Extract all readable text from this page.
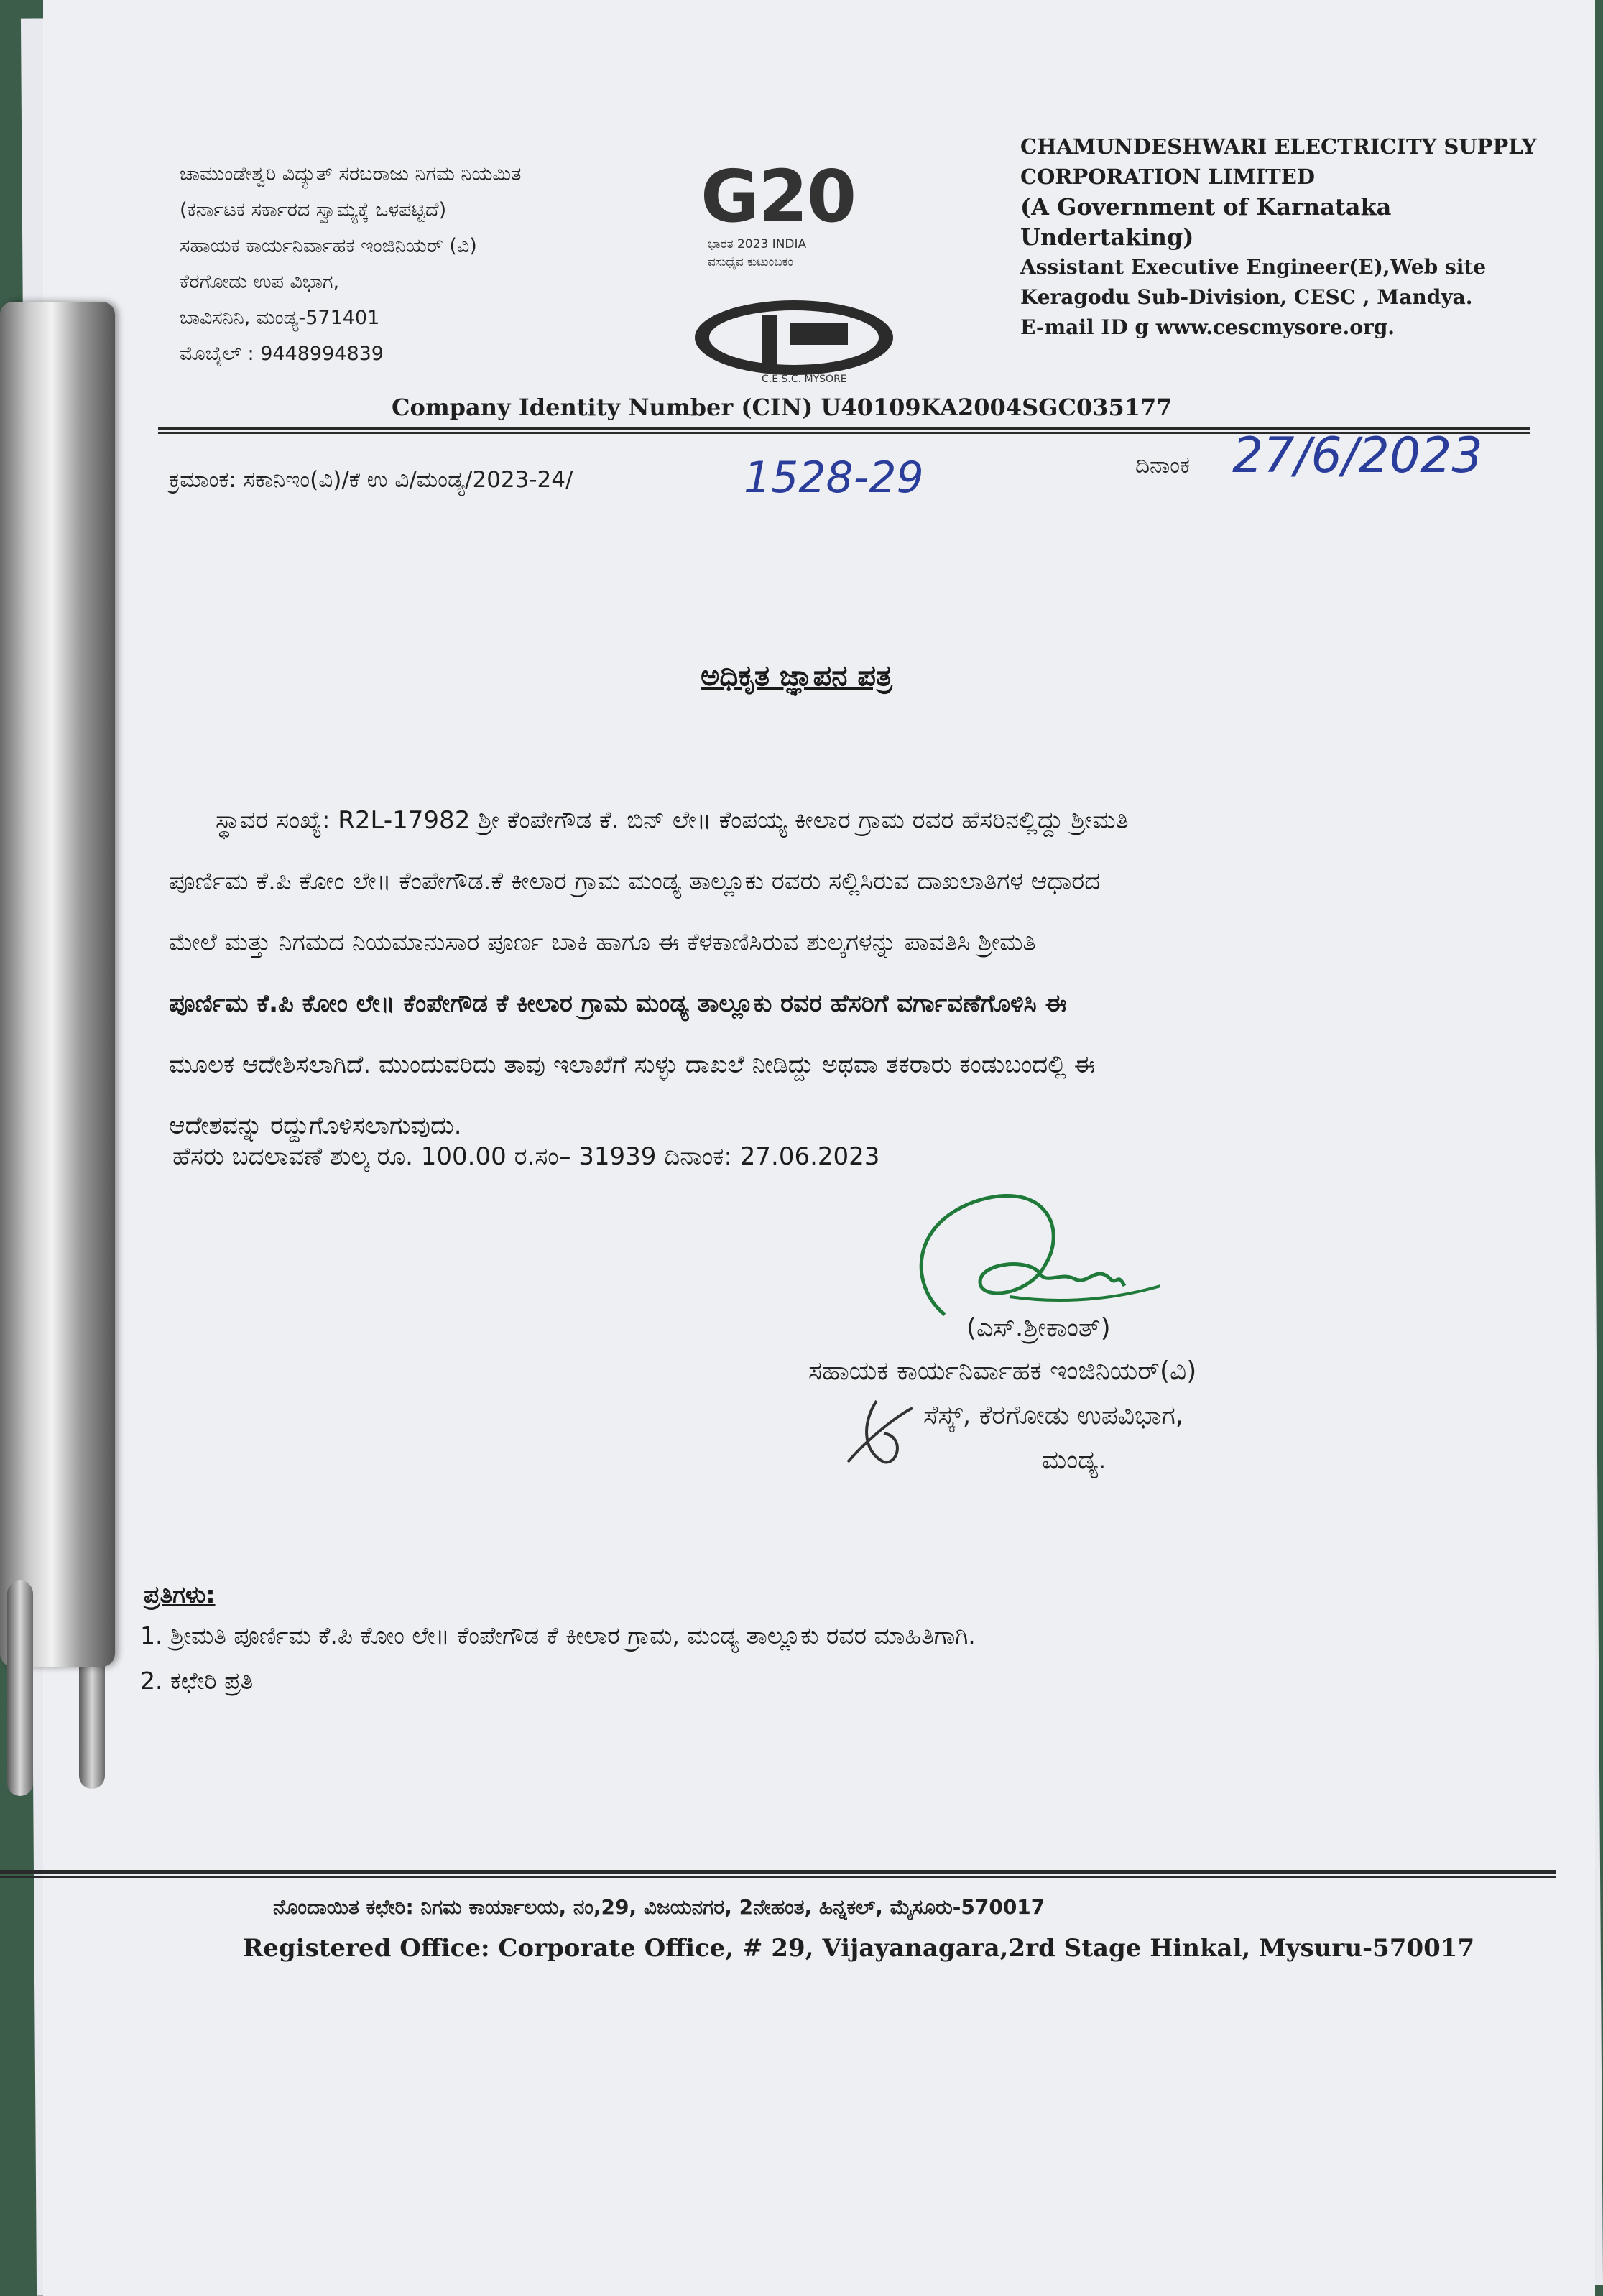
ಚಾಮುಂಡೇಶ್ವರಿ ವಿದ್ಯುತ್ ಸರಬರಾಜು ನಿಗಮ ನಿಯಮಿತ
(ಕರ್ನಾಟಕ ಸರ್ಕಾರದ ಸ್ವಾಮ್ಯಕ್ಕೆ ಒಳಪಟ್ಟಿದೆ)
ಸಹಾಯಕ ಕಾರ್ಯನಿರ್ವಾಹಕ ಇಂಜಿನಿಯರ್ (ವಿ)
ಕೆರಗೋಡು ಉಪ ವಿಭಾಗ,
ಬಾವಿಸನಿನಿ, ಮಂಡ್ಯ-571401
ಮೊಬೈಲ್ : 9448994839
G20
ಭಾರತ 2023 INDIA
ವಸುಧೈವ ಕುಟುಂಬಕಂ
C.E.S.C. MYSORE
CHAMUNDESHWARI ELECTRICITY SUPPLY
CORPORATION LIMITED
(A Government of Karnataka
Undertaking)
Assistant Executive Engineer(E),Web site
Keragodu Sub-Division, CESC , Mandya.
E-mail ID g www.cescmysore.org.
Company Identity Number (CIN) U40109KA2004SGC035177
ಕ್ರಮಾಂಕ: ಸಕಾನಿಇಂ(ವಿ)/ಕೆ ಉ ವಿ/ಮಂಡ್ಯ/2023-24/	1528-29	ದಿನಾಂಕ 27/6/2023
ಅಧಿಕೃತ ಜ್ಞಾಪನ ಪತ್ರ
ಸ್ಥಾವರ ಸಂಖ್ಯೆ: R2L-17982 ಶ್ರೀ ಕೆಂಪೇಗೌಡ ಕೆ. ಬಿನ್ ಲೇ॥ ಕೆಂಪಯ್ಯ ಕೀಲಾರ ಗ್ರಾಮ ರವರ ಹೆಸರಿನಲ್ಲಿದ್ದು ಶ್ರೀಮತಿ
ಪೂರ್ಣಿಮ ಕೆ.ಪಿ ಕೋಂ ಲೇ॥ ಕೆಂಪೇಗೌಡ.ಕೆ ಕೀಲಾರ ಗ್ರಾಮ ಮಂಡ್ಯ ತಾಲ್ಲೂಕು ರವರು ಸಲ್ಲಿಸಿರುವ ದಾಖಲಾತಿಗಳ ಆಧಾರದ
ಮೇಲೆ ಮತ್ತು ನಿಗಮದ ನಿಯಮಾನುಸಾರ ಪೂರ್ಣ ಬಾಕಿ ಹಾಗೂ ಈ ಕೆಳಕಾಣಿಸಿರುವ ಶುಲ್ಕಗಳನ್ನು ಪಾವತಿಸಿ ಶ್ರೀಮತಿ
ಪೂರ್ಣಿಮ ಕೆ.ಪಿ ಕೋಂ ಲೇ॥ ಕೆಂಪೇಗೌಡ ಕೆ ಕೀಲಾರ ಗ್ರಾಮ ಮಂಡ್ಯ ತಾಲ್ಲೂಕು ರವರ ಹೆಸರಿಗೆ ವರ್ಗಾವಣೆಗೊಳಿಸಿ ಈ
ಮೂಲಕ ಆದೇಶಿಸಲಾಗಿದೆ. ಮುಂದುವರಿದು ತಾವು ಇಲಾಖೆಗೆ ಸುಳ್ಳು ದಾಖಲೆ ನೀಡಿದ್ದು ಅಥವಾ ತಕರಾರು ಕಂಡುಬಂದಲ್ಲಿ ಈ
ಆದೇಶವನ್ನು ರದ್ದುಗೊಳಿಸಲಾಗುವುದು.
ಹೆಸರು ಬದಲಾವಣೆ ಶುಲ್ಕ ರೂ. 100.00 ರ.ಸಂ– 31939 ದಿನಾಂಕ: 27.06.2023
(ಎಸ್.ಶ್ರೀಕಾಂತ್)
ಸಹಾಯಕ ಕಾರ್ಯನಿರ್ವಾಹಕ ಇಂಜಿನಿಯರ್(ವಿ)
ಸೆಸ್ಕ್, ಕೆರಗೋಡು ಉಪವಿಭಾಗ,
ಮಂಡ್ಯ.
ಪ್ರತಿಗಳು:
1. ಶ್ರೀಮತಿ ಪೂರ್ಣಿಮ ಕೆ.ಪಿ ಕೋಂ ಲೇ॥ ಕೆಂಪೇಗೌಡ ಕೆ ಕೀಲಾರ ಗ್ರಾಮ, ಮಂಡ್ಯ ತಾಲ್ಲೂಕು ರವರ ಮಾಹಿತಿಗಾಗಿ.
2. ಕಛೇರಿ ಪ್ರತಿ
ನೊಂದಾಯಿತ ಕಛೇರಿ: ನಿಗಮ ಕಾರ್ಯಾಲಯ, ನಂ,29, ವಿಜಯನಗರ, 2ನೇಹಂತ, ಹಿನ್ನಕಲ್, ಮೈಸೂರು-570017
Registered Office: Corporate Office, # 29, Vijayanagara,2rd Stage Hinkal, Mysuru-570017
